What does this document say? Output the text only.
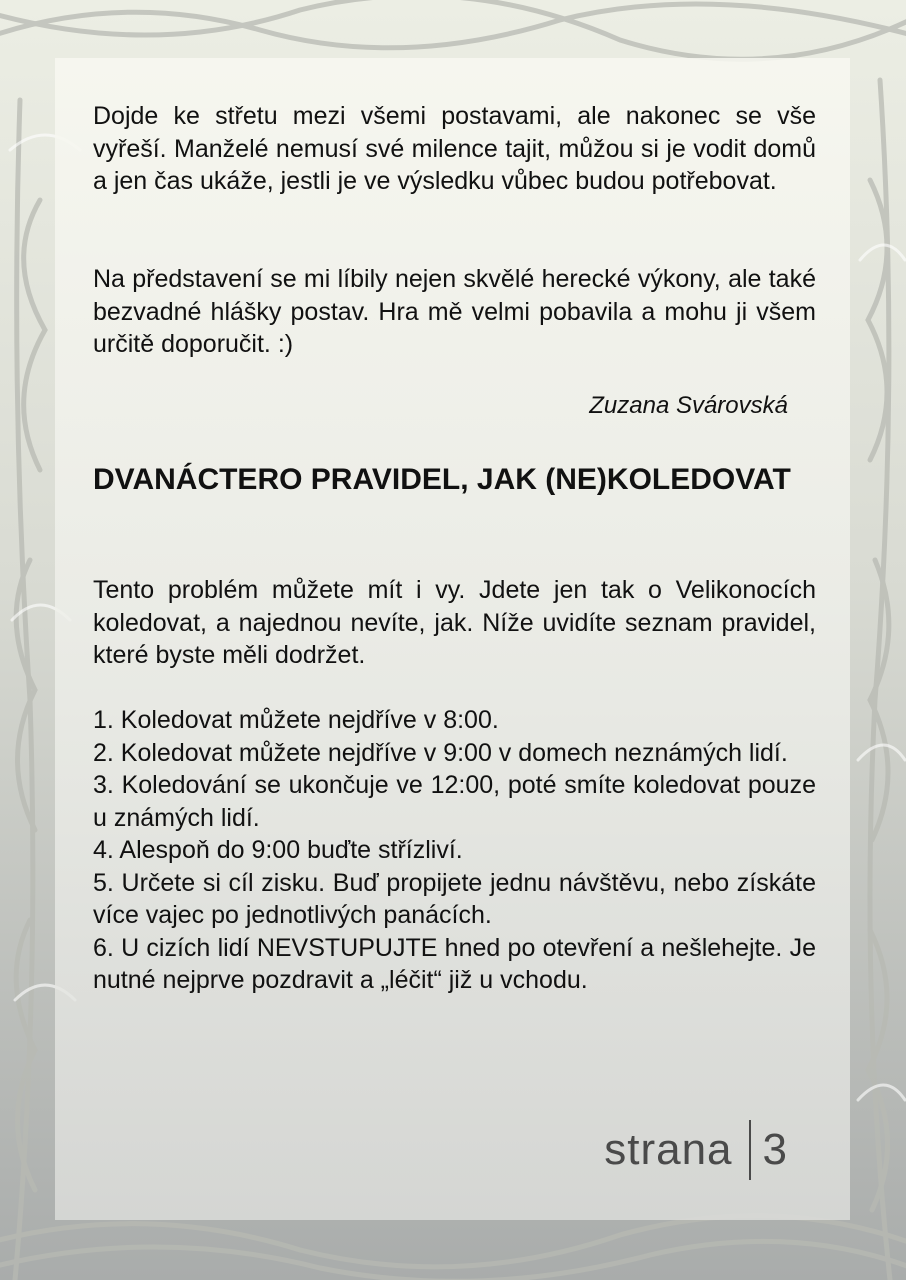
Dojde ke střetu mezi všemi postavami, ale nakonec se vše vyřeší. Manželé nemusí své milence tajit, můžou si je vodit domů a jen čas ukáže, jestli je ve výsledku vůbec budou potřebovat.

Na představení se mi líbily nejen skvělé herecké výkony, ale také bezvadné hlášky postav. Hra mě velmi pobavila a mohu ji všem určitě doporučit. :)

Zuzana Svárovská

DVANÁCTERO PRAVIDEL, JAK (NE)KOLEDOVAT

Tento problém můžete mít i vy. Jdete jen tak o Velikonocích koledovat, a najednou nevíte, jak. Níže uvidíte seznam pravidel, které byste měli dodržet.

1. Koledovat můžete nejdříve v 8:00.
2. Koledovat můžete nejdříve v 9:00 v domech neznámých lidí.
3. Koledování se ukončuje ve 12:00, poté smíte koledovat pouze u známých lidí.
4. Alespoň do 9:00 buďte střízliví.
5. Určete si cíl zisku. Buď propijete jednu návštěvu, nebo získáte více vajec po jednotlivých panácích.
6. U cizích lidí NEVSTUPUJTE hned po otevření a nešlehejte. Je nutné nejprve pozdravit a „léčit“ již u vchodu.
strana 3
